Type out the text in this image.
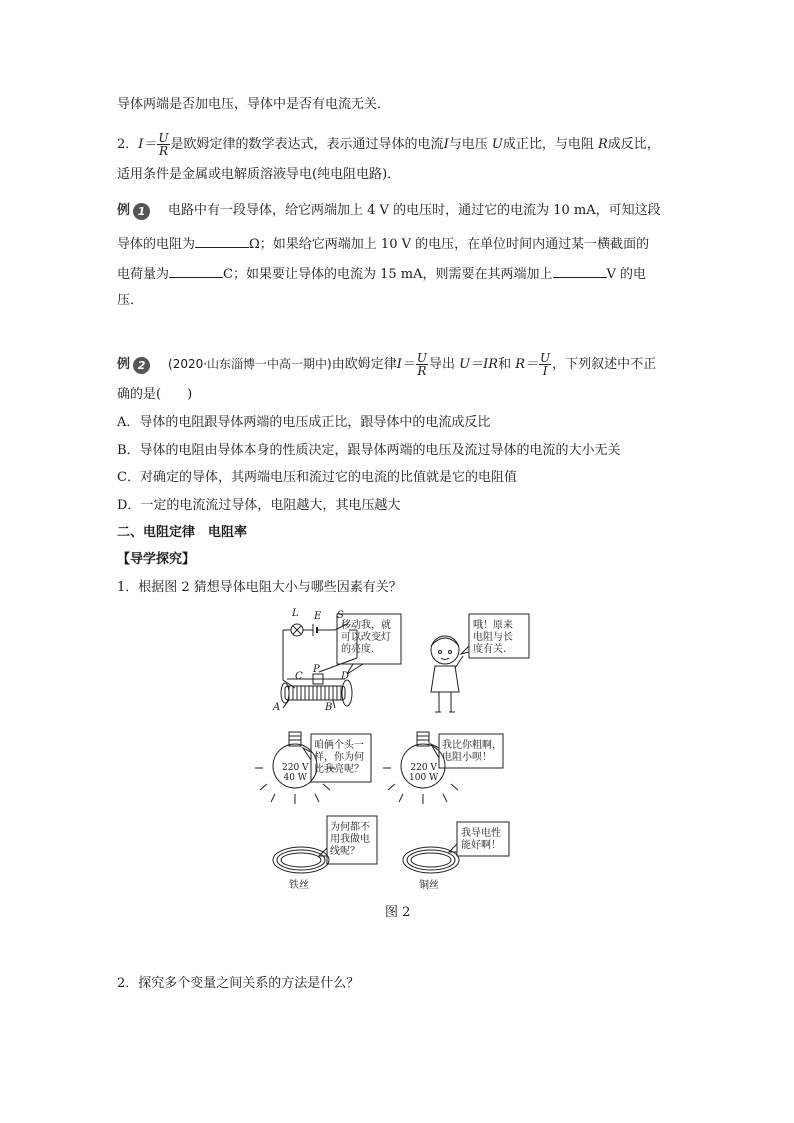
导体两端是否加电压，导体中是否有电流无关．
2．$I= \frac{U}{R}$ 是欧姆定律的数学表达式，表示通过导体的电流I与电压 U成正比，与电阻 R成反比，
适用条件是金属或电解质溶液导电(纯电阻电路)．
例 1	电路中有一段导体，给它两端加上 4 V 的电压时，通过它的电流为 10 mA，可知这段
导体的电阻为	Ω；如果给它两端加上 10 V 的电压，在单位时间内通过某一横截面的
电荷量为	C；如果要让导体的电流为 15 mA，则需要在其两端加上	V 的电
压．
例 2	(2020·山东淄博一中高一期中)由欧姆定律$I= \frac{U}{R}$ 导出 U＝IR和 $R= \frac{U}{I}$ ，下列叙述中不正
确的是(　　)
A．导体的电阻跟导体两端的电压成正比，跟导体中的电流成反比
B．导体的电阻由导体本身的性质决定，跟导体两端的电压及流过导体的电流的大小无关
C．对确定的导体，其两端电压和流过它的电流的比值就是它的电阻值
D．一定的电流流过导体，电阻越大，其电压越大
二、电阻定律　电阻率
【导学探究】
1．根据图 2 猜想导体电阻大小与哪些因素有关？
L E S
C
P
D
A	B
移动我，就
可以改变灯
的亮度.
哦！原来
电阻与长
度有关.
咱俩个头一
样，你为何
比我亮呢？
我比你粗啊，
电阻小呗！
为何都不
用我做电
线呢？
我导电性
能好啊！
220 V
40 W
220 V
100 W
铁丝	铜丝
图 2
2．探究多个变量之间关系的方法是什么？
